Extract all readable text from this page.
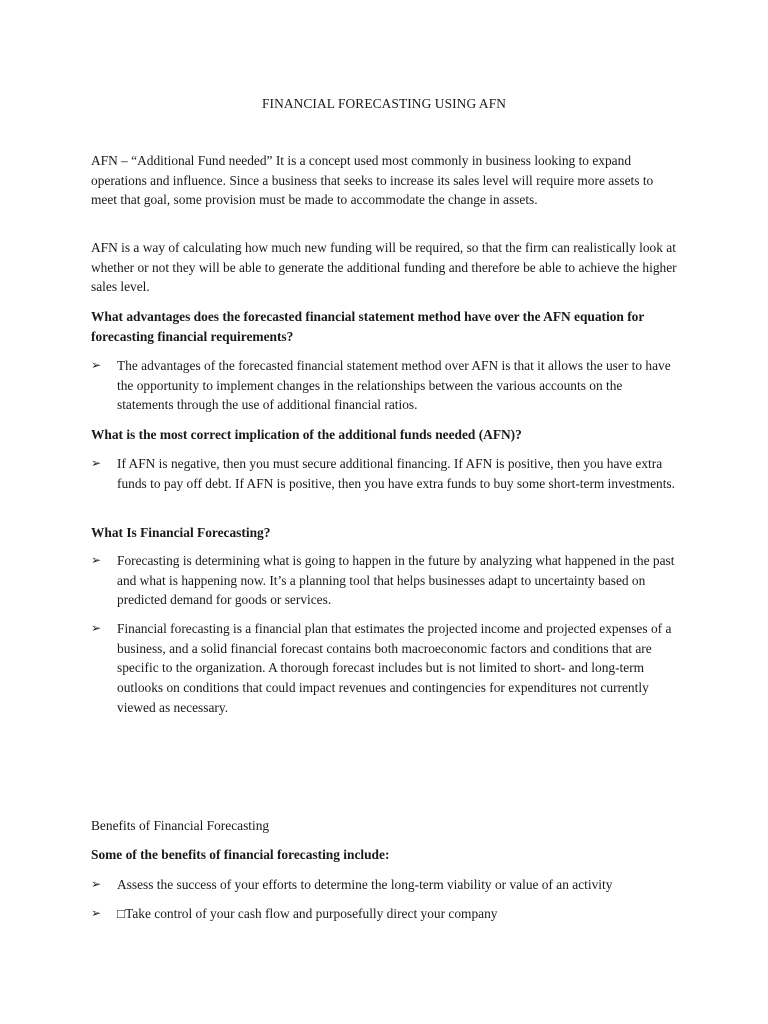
FINANCIAL FORECASTING USING AFN

AFN – “Additional Fund needed” It is a concept used most commonly in business looking to expand operations and influence. Since a business that seeks to increase its sales level will require more assets to meet that goal, some provision must be made to accommodate the change in assets.

AFN is a way of calculating how much new funding will be required, so that the firm can realistically look at whether or not they will be able to generate the additional funding and therefore be able to achieve the higher sales level.

What advantages does the forecasted financial statement method have over the AFN equation for forecasting financial requirements?

➢	The advantages of the forecasted financial statement method over AFN is that it allows the user to have the opportunity to implement changes in the relationships between the various accounts on the statements through the use of additional financial ratios.

What is the most correct implication of the additional funds needed (AFN)?

➢	If AFN is negative, then you must secure additional financing. If AFN is positive, then you have extra funds to pay off debt. If AFN is positive, then you have extra funds to buy some short-term investments.

What Is Financial Forecasting?

➢	Forecasting is determining what is going to happen in the future by analyzing what happened in the past and what is happening now. It’s a planning tool that helps businesses adapt to uncertainty based on predicted demand for goods or services.
➢	Financial forecasting is a financial plan that estimates the projected income and projected expenses of a business, and a solid financial forecast contains both macroeconomic factors and conditions that are specific to the organization. A thorough forecast includes but is not limited to short- and long-term outlooks on conditions that could impact revenues and contingencies for expenditures not currently viewed as necessary.

Benefits of Financial Forecasting

Some of the benefits of financial forecasting include:

➢	Assess the success of your efforts to determine the long-term viability or value of an activity
➢	□Take control of your cash flow and purposefully direct your company
